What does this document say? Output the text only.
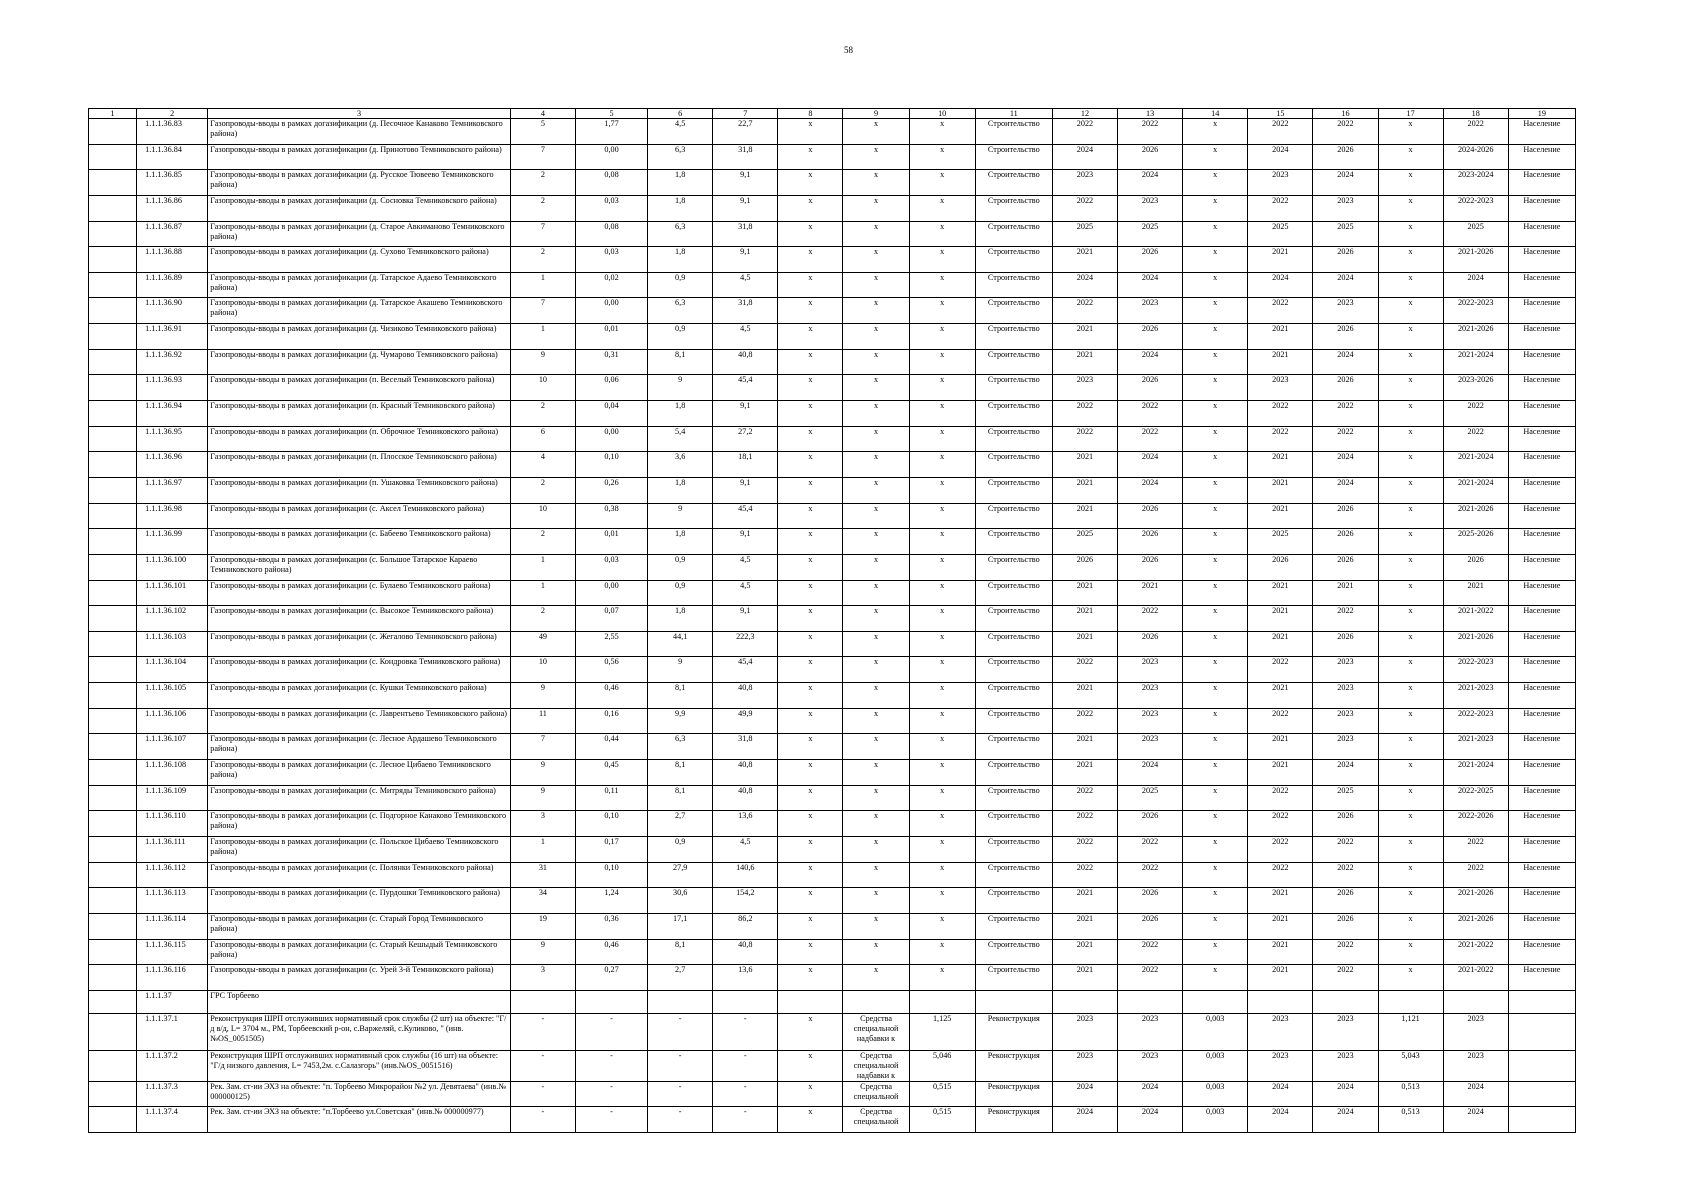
58
1	2	3	4	5	6	7	8	9	10	11	12	13	14	15	16	17	18	19
	1.1.1.36.83	Газопроводы-вводы в рамках догазификации (д. Песочное Канаково Темниковского района)	5	1,77	4,5	22,7	х	х	х	Строительство	2022	2022	х	2022	2022	х	2022	Население
	1.1.1.36.84	Газопроводы-вводы в рамках догазификации (д. Принотово Темниковского района)	7	0,00	6,3	31,8	х	х	х	Строительство	2024	2026	х	2024	2026	х	2024-2026	Население
	1.1.1.36.85	Газопроводы-вводы в рамках догазификации (д. Русское Тювеево Темниковского района)	2	0,08	1,8	9,1	х	х	х	Строительство	2023	2024	х	2023	2024	х	2023-2024	Население
	1.1.1.36.86	Газопроводы-вводы в рамках догазификации (д. Сосновка Темниковского района)	2	0,03	1,8	9,1	х	х	х	Строительство	2022	2023	х	2022	2023	х	2022-2023	Население
	1.1.1.36.87	Газопроводы-вводы в рамках догазификации (д. Старое Авкиманово Темниковского района)	7	0,08	6,3	31,8	х	х	х	Строительство	2025	2025	х	2025	2025	х	2025	Население
	1.1.1.36.88	Газопроводы-вводы в рамках догазификации (д. Сухово Темниковского района)	2	0,03	1,8	9,1	х	х	х	Строительство	2021	2026	х	2021	2026	х	2021-2026	Население
	1.1.1.36.89	Газопроводы-вводы в рамках догазификации (д. Татарское Адаево Темниковского района)	1	0,02	0,9	4,5	х	х	х	Строительство	2024	2024	х	2024	2024	х	2024	Население
	1.1.1.36.90	Газопроводы-вводы в рамках догазификации (д. Татарское Акашево Темниковского района)	7	0,00	6,3	31,8	х	х	х	Строительство	2022	2023	х	2022	2023	х	2022-2023	Население
	1.1.1.36.91	Газопроводы-вводы в рамках догазификации (д. Чизиково Темниковского района)	1	0,01	0,9	4,5	х	х	х	Строительство	2021	2026	х	2021	2026	х	2021-2026	Население
	1.1.1.36.92	Газопроводы-вводы в рамках догазификации (д. Чумарово Темниковского района)	9	0,31	8,1	40,8	х	х	х	Строительство	2021	2024	х	2021	2024	х	2021-2024	Население
	1.1.1.36.93	Газопроводы-вводы в рамках догазификации (п. Веселый Темниковского района)	10	0,06	9	45,4	х	х	х	Строительство	2023	2026	х	2023	2026	х	2023-2026	Население
	1.1.1.36.94	Газопроводы-вводы в рамках догазификации (п. Красный Темниковского района)	2	0,04	1,8	9,1	х	х	х	Строительство	2022	2022	х	2022	2022	х	2022	Население
	1.1.1.36.95	Газопроводы-вводы в рамках догазификации (п. Оброчное Темниковского района)	6	0,00	5,4	27,2	х	х	х	Строительство	2022	2022	х	2022	2022	х	2022	Население
	1.1.1.36.96	Газопроводы-вводы в рамках догазификации (п. Плосское Темниковского района)	4	0,10	3,6	18,1	х	х	х	Строительство	2021	2024	х	2021	2024	х	2021-2024	Население
	1.1.1.36.97	Газопроводы-вводы в рамках догазификации (п. Ушаковка Темниковского района)	2	0,26	1,8	9,1	х	х	х	Строительство	2021	2024	х	2021	2024	х	2021-2024	Население
	1.1.1.36.98	Газопроводы-вводы в рамках догазификации (с. Аксел Темниковского района)	10	0,38	9	45,4	х	х	х	Строительство	2021	2026	х	2021	2026	х	2021-2026	Население
	1.1.1.36.99	Газопроводы-вводы в рамках догазификации (с. Бабеево Темниковского района)	2	0,01	1,8	9,1	х	х	х	Строительство	2025	2026	х	2025	2026	х	2025-2026	Население
	1.1.1.36.100	Газопроводы-вводы в рамках догазификации (с. Большое Татарское Караево Темниковского района)	1	0,03	0,9	4,5	х	х	х	Строительство	2026	2026	х	2026	2026	х	2026	Население
	1.1.1.36.101	Газопроводы-вводы в рамках догазификации (с. Булаево Темниковского района)	1	0,00	0,9	4,5	х	х	х	Строительство	2021	2021	х	2021	2021	х	2021	Население
	1.1.1.36.102	Газопроводы-вводы в рамках догазификации (с. Высокое Темниковского района)	2	0,07	1,8	9,1	х	х	х	Строительство	2021	2022	х	2021	2022	х	2021-2022	Население
	1.1.1.36.103	Газопроводы-вводы в рамках догазификации (с. Жегалово Темниковского района)	49	2,55	44,1	222,3	х	х	х	Строительство	2021	2026	х	2021	2026	х	2021-2026	Население
	1.1.1.36.104	Газопроводы-вводы в рамках догазификации (с. Кондровка Темниковского района)	10	0,56	9	45,4	х	х	х	Строительство	2022	2023	х	2022	2023	х	2022-2023	Население
	1.1.1.36.105	Газопроводы-вводы в рамках догазификации (с. Кушки Темниковского района)	9	0,46	8,1	40,8	х	х	х	Строительство	2021	2023	х	2021	2023	х	2021-2023	Население
	1.1.1.36.106	Газопроводы-вводы в рамках догазификации (с. Лаврентьево Темниковского района)	11	0,16	9,9	49,9	х	х	х	Строительство	2022	2023	х	2022	2023	х	2022-2023	Население
	1.1.1.36.107	Газопроводы-вводы в рамках догазификации (с. Лесное Ардашево Темниковского района)	7	0,44	6,3	31,8	х	х	х	Строительство	2021	2023	х	2021	2023	х	2021-2023	Население
	1.1.1.36.108	Газопроводы-вводы в рамках догазификации (с. Лесное Цибаево Темниковского района)	9	0,45	8,1	40,8	х	х	х	Строительство	2021	2024	х	2021	2024	х	2021-2024	Население
	1.1.1.36.109	Газопроводы-вводы в рамках догазификации (с. Митряды Темниковского района)	9	0,11	8,1	40,8	х	х	х	Строительство	2022	2025	х	2022	2025	х	2022-2025	Население
	1.1.1.36.110	Газопроводы-вводы в рамках догазификации (с. Подгорное Канаково Темниковского района)	3	0,10	2,7	13,6	х	х	х	Строительство	2022	2026	х	2022	2026	х	2022-2026	Население
	1.1.1.36.111	Газопроводы-вводы в рамках догазификации (с. Польское Цибаево Темниковского района)	1	0,17	0,9	4,5	х	х	х	Строительство	2022	2022	х	2022	2022	х	2022	Население
	1.1.1.36.112	Газопроводы-вводы в рамках догазификации (с. Полянки Темниковского района)	31	0,10	27,9	140,6	х	х	х	Строительство	2022	2022	х	2022	2022	х	2022	Население
	1.1.1.36.113	Газопроводы-вводы в рамках догазификации (с. Пурдошки Темниковского района)	34	1,24	30,6	154,2	х	х	х	Строительство	2021	2026	х	2021	2026	х	2021-2026	Население
	1.1.1.36.114	Газопроводы-вводы в рамках догазификации (с. Старый Город Темниковского района)	19	0,36	17,1	86,2	х	х	х	Строительство	2021	2026	х	2021	2026	х	2021-2026	Население
	1.1.1.36.115	Газопроводы-вводы в рамках догазификации (с. Старый Кешыдый Темниковского района)	9	0,46	8,1	40,8	х	х	х	Строительство	2021	2022	х	2021	2022	х	2021-2022	Население
	1.1.1.36.116	Газопроводы-вводы в рамках догазификации (с. Урей 3-й Темниковского района)	3	0,27	2,7	13,6	х	х	х	Строительство	2021	2022	х	2021	2022	х	2021-2022	Население
	1.1.1.37	ГРС Торбеево																
	1.1.1.37.1	Реконструкция ШРП отслуживших нормативный срок службы (2 шт) на объекте: "Г/д в/д, L= 3704 м., РМ, Торбеевский р-он, с.Варжеляй, с.Куликово, " (инв.№OS_0051505)	-	-	-	-	х	Средства специальной надбавки к	1,125	Реконструкция	2023	2023	0,003	2023	2023	1,121	2023	
	1.1.1.37.2	Реконструкция ШРП отслуживших нормативный срок службы (16 шт) на объекте: "Г/д низкого давления, L= 7453,2м. с.Салазгорь" (инв.№OS_0051516)	-	-	-	-	х	Средства специальной надбавки к	5,046	Реконструкция	2023	2023	0,003	2023	2023	5,043	2023	
	1.1.1.37.3	Рек. Зам. ст-ии ЭХЗ на объекте: "п. Торбеево Микрорайон №2 ул. Девятаева" (инв.№ 000000125)	-	-	-	-	х	Средства специальной	0,515	Реконструкция	2024	2024	0,003	2024	2024	0,513	2024	
	1.1.1.37.4	Рек. Зам. ст-ии ЭХЗ на объекте: "п.Торбеево ул.Советская" (инв.№ 000000977)	-	-	-	-	х	Средства специальной	0,515	Реконструкция	2024	2024	0,003	2024	2024	0,513	2024	
